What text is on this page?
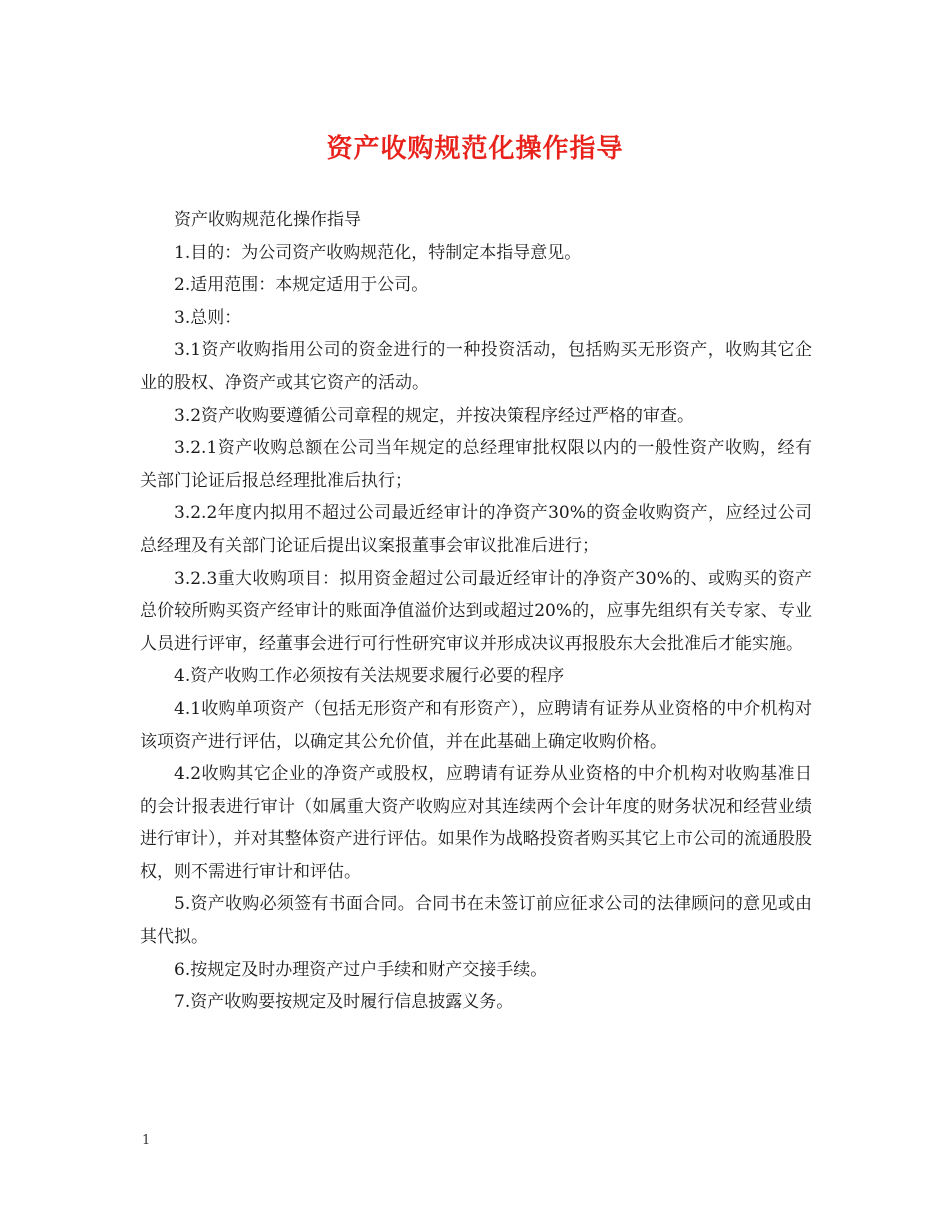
资产收购规范化操作指导

资产收购规范化操作指导

1.目的：为公司资产收购规范化，特制定本指导意见。

2.适用范围：本规定适用于公司。

3.总则：

3.1资产收购指用公司的资金进行的一种投资活动，包括购买无形资产，收购其它企业的股权、净资产或其它资产的活动。

3.2资产收购要遵循公司章程的规定，并按决策程序经过严格的审查。

3.2.1资产收购总额在公司当年规定的总经理审批权限以内的一般性资产收购，经有关部门论证后报总经理批准后执行；

3.2.2年度内拟用不超过公司最近经审计的净资产30%的资金收购资产，应经过公司总经理及有关部门论证后提出议案报董事会审议批准后进行；

3.2.3重大收购项目：拟用资金超过公司最近经审计的净资产30%的、或购买的资产总价较所购买资产经审计的账面净值溢价达到或超过20%的，应事先组织有关专家、专业人员进行评审，经董事会进行可行性研究审议并形成决议再报股东大会批准后才能实施。

4.资产收购工作必须按有关法规要求履行必要的程序

4.1收购单项资产（包括无形资产和有形资产），应聘请有证券从业资格的中介机构对该项资产进行评估，以确定其公允价值，并在此基础上确定收购价格。

4.2收购其它企业的净资产或股权，应聘请有证券从业资格的中介机构对收购基准日的会计报表进行审计（如属重大资产收购应对其连续两个会计年度的财务状况和经营业绩进行审计），并对其整体资产进行评估。如果作为战略投资者购买其它上市公司的流通股股权，则不需进行审计和评估。

5.资产收购必须签有书面合同。合同书在未签订前应征求公司的法律顾问的意见或由其代拟。

6.按规定及时办理资产过户手续和财产交接手续。

7.资产收购要按规定及时履行信息披露义务。

1
